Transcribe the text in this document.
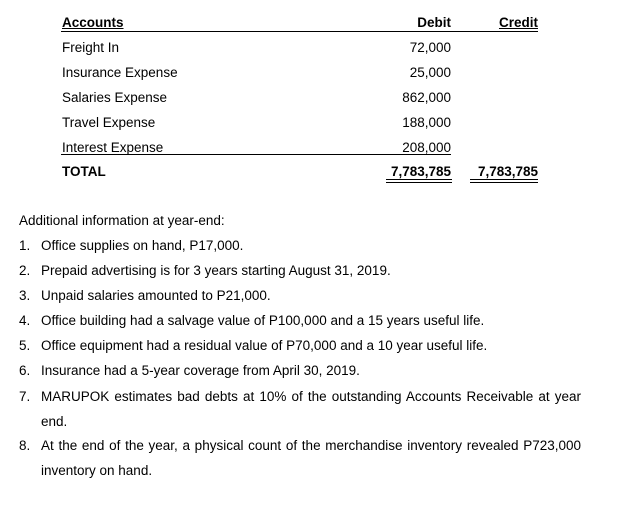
Accounts	Debit	Credit
Freight In	72,000
Insurance Expense	25,000
Salaries Expense	862,000
Travel Expense	188,000
Interest Expense	208,000
TOTAL	7,783,785 7,783,785
Additional information at year-end:
1. Office supplies on hand, P17,000.
2. Prepaid advertising is for 3 years starting August 31, 2019.
3. Unpaid salaries amounted to P21,000.
4. Office building had a salvage value of P100,000 and a 15 years useful life.
5. Office equipment had a residual value of P70,000 and a 10 year useful life.
6. Insurance had a 5-year coverage from April 30, 2019.
7. MARUPOK estimates bad debts at 10% of the outstanding Accounts Receivable at year end.
8. At the end of the year, a physical count of the merchandise inventory revealed P723,000 inventory on hand.
